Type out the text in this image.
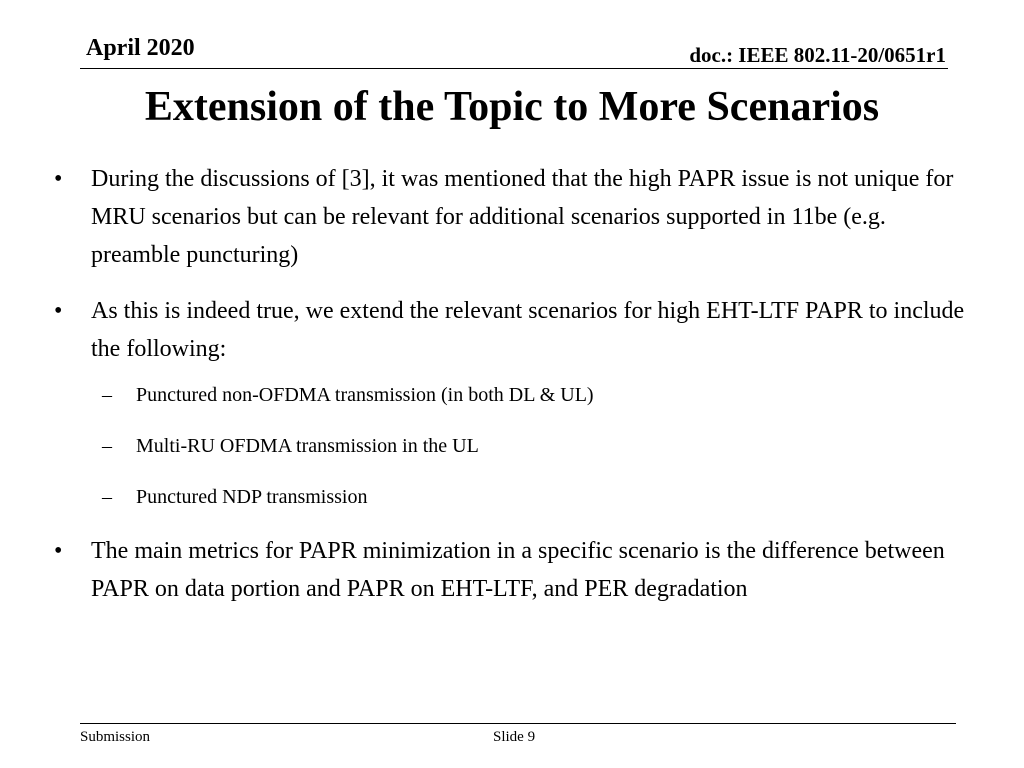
April 2020	doc.: IEEE 802.11-20/0651r1
Extension of the Topic to More Scenarios
• During the discussions of [3], it was mentioned that the high PAPR issue is not unique for MRU scenarios but can be relevant for additional scenarios supported in 11be (e.g. preamble puncturing)
• As this is indeed true, we extend the relevant scenarios for high EHT-LTF PAPR to include the following:
– Punctured non-OFDMA transmission (in both DL & UL)
– Multi-RU OFDMA transmission in the UL
– Punctured NDP transmission
• The main metrics for PAPR minimization in a specific scenario is the difference between PAPR on data portion and PAPR on EHT-LTF, and PER degradation
Submission	Slide 9
